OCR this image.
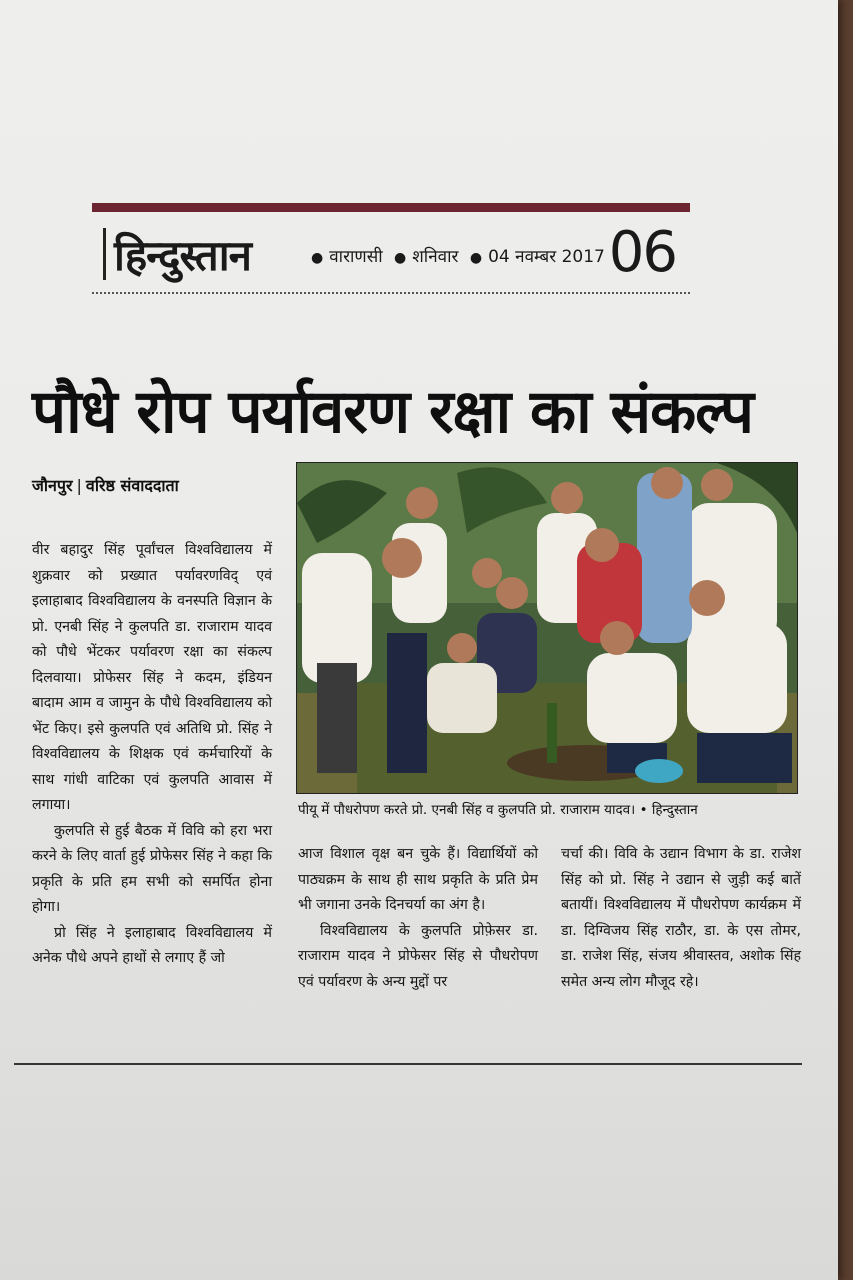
हिन्दुस्तान	● वाराणसी ● शनिवार ● 04 नवम्बर 2017 06
पौधे रोप पर्यावरण रक्षा का संकल्प
जौनपुर | वरिष्ठ संवाददाता
पीयू में पौधरोपण करते प्रो. एनबी सिंह व कुलपति प्रो. राजाराम यादव। • हिन्दुस्तान

वीर बहादुर सिंह पूर्वांचल विश्वविद्यालय में शुक्रवार को प्रख्यात पर्यावरणविद् एवं इलाहाबाद विश्वविद्यालय के वनस्पति विज्ञान के प्रो. एनबी सिंह ने कुलपति डा. राजाराम यादव को पौधे भेंटकर पर्यावरण रक्षा का संकल्प दिलवाया। प्रोफेसर सिंह ने कदम, इंडियन बादाम आम व जामुन के पौधे विश्वविद्यालय को भेंट किए। इसे कुलपति एवं अतिथि प्रो. सिंह ने विश्वविद्यालय के शिक्षक एवं कर्मचारियों के साथ गांधी वाटिका एवं कुलपति आवास में लगाया।

कुलपति से हुई बैठक में विवि को हरा भरा करने के लिए वार्ता हुई प्रोफेसर सिंह ने कहा कि प्रकृति के प्रति हम सभी को समर्पित होना होगा।

प्रो सिंह ने इलाहाबाद विश्वविद्यालय में अनेक पौधे अपने हाथों से लगाए हैं जो

आज विशाल वृक्ष बन चुके हैं। विद्यार्थियों को पाठ्यक्रम के साथ ही साथ प्रकृति के प्रति प्रेम भी जगाना उनके दिनचर्या का अंग है।

विश्वविद्यालय के कुलपति प्रोफ़ेसर डा. राजाराम यादव ने प्रोफेसर सिंह से पौधरोपण एवं पर्यावरण के अन्य मुद्दों पर

चर्चा की। विवि के उद्यान विभाग के डा. राजेश सिंह को प्रो. सिंह ने उद्यान से जुड़ी कई बातें बतायीं। विश्वविद्यालय में पौधरोपण कार्यक्रम में डा. दिग्विजय सिंह राठौर, डा. के एस तोमर, डा. राजेश सिंह, संजय श्रीवास्तव, अशोक सिंह समेत अन्य लोग मौजूद रहे।
